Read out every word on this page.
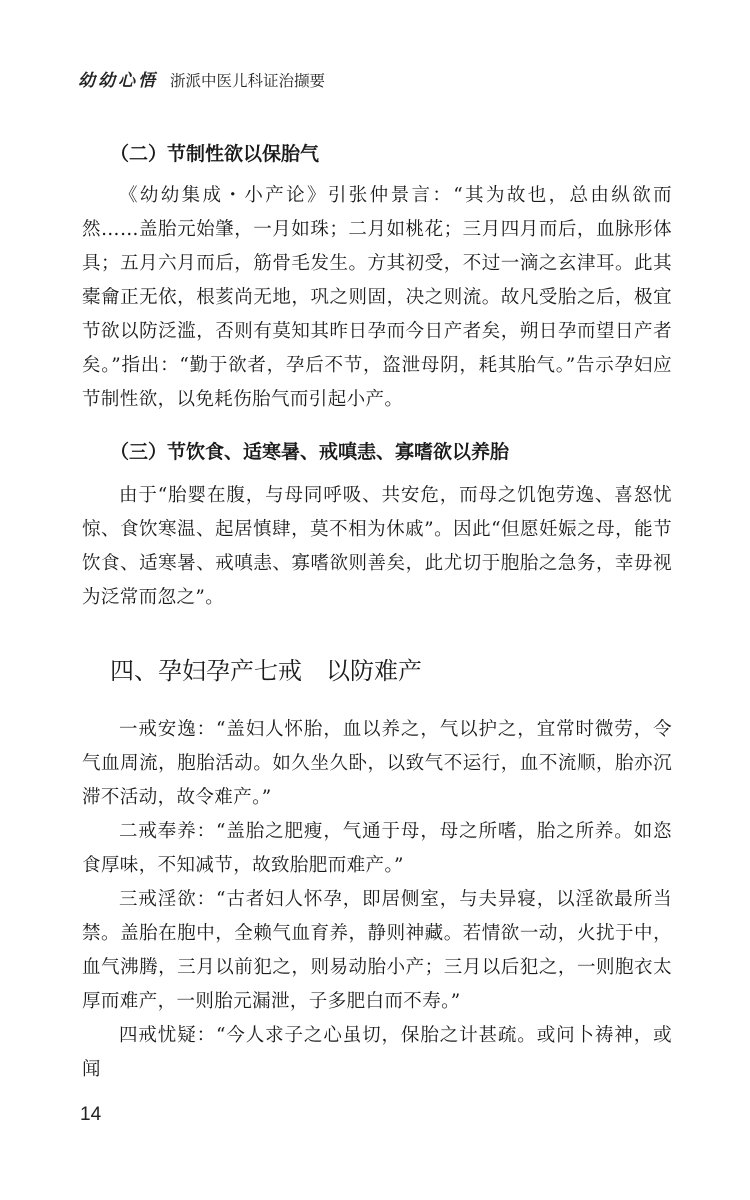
幼幼心悟 浙派中医儿科证治撷要
（二）节制性欲以保胎气

《幼幼集成・小产论》引张仲景言：“其为故也，总由纵欲而然……盖胎元始肇，一月如珠；二月如桃花；三月四月而后，血脉形体具；五月六月而后，筋骨毛发生。方其初受，不过一滴之玄津耳。此其橐龠正无依，根荄尚无地，巩之则固，决之则流。故凡受胎之后，极宜节欲以防泛滥，否则有莫知其昨日孕而今日产者矣，朔日孕而望日产者矣。”指出：“勤于欲者，孕后不节，盗泄母阴，耗其胎气。”告示孕妇应节制性欲，以免耗伤胎气而引起小产。

（三）节饮食、适寒暑、戒嗔恚、寡嗜欲以养胎

由于“胎婴在腹，与母同呼吸、共安危，而母之饥饱劳逸、喜怒忧惊、食饮寒温、起居慎肆，莫不相为休戚”。因此“但愿妊娠之母，能节饮食、适寒暑、戒嗔恚、寡嗜欲则善矣，此尤切于胞胎之急务，幸毋视为泛常而忽之”。

四、孕妇孕产七戒　以防难产

一戒安逸：“盖妇人怀胎，血以养之，气以护之，宜常时微劳，令气血周流，胞胎活动。如久坐久卧，以致气不运行，血不流顺，胎亦沉滞不活动，故令难产。”

二戒奉养：“盖胎之肥瘦，气通于母，母之所嗜，胎之所养。如恣食厚味，不知减节，故致胎肥而难产。”

三戒淫欲：“古者妇人怀孕，即居侧室，与夫异寝，以淫欲最所当禁。盖胎在胞中，全赖气血育养，静则神藏。若情欲一动，火扰于中，血气沸腾，三月以前犯之，则易动胎小产；三月以后犯之，一则胞衣太厚而难产，一则胎元漏泄，子多肥白而不寿。”

四戒忧疑：“今人求子之心虽切，保胎之计甚疏。或问卜祷神，或闻

14
